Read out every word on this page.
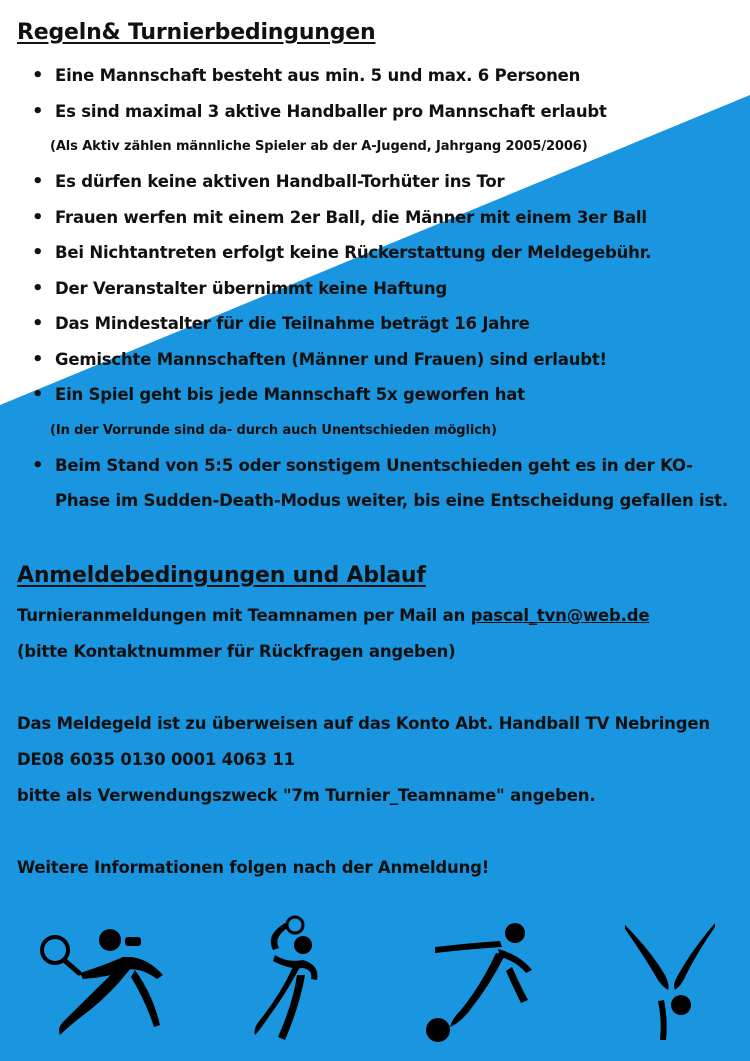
Regeln& Turnierbedingungen
• Eine Mannschaft besteht aus min. 5 und max. 6 Personen
• Es sind maximal 3 aktive Handballer pro Mannschaft erlaubt
(Als Aktiv zählen männliche Spieler ab der A-Jugend, Jahrgang 2005/2006)
• Es dürfen keine aktiven Handball-Torhüter ins Tor
• Frauen werfen mit einem 2er Ball, die Männer mit einem 3er Ball
• Bei Nichtantreten erfolgt keine Rückerstattung der Meldegebühr.
• Der Veranstalter übernimmt keine Haftung
• Das Mindestalter für die Teilnahme beträgt 16 Jahre
• Gemischte Mannschaften (Männer und Frauen) sind erlaubt!
• Ein Spiel geht bis jede Mannschaft 5x geworfen hat
(In der Vorrunde sind da- durch auch Unentschieden möglich)
• Beim Stand von 5:5 oder sonstigem Unentschieden geht es in der KO-Phase im Sudden-Death-Modus weiter, bis eine Entscheidung gefallen ist.
Anmeldebedingungen und Ablauf

Turnieranmeldungen mit Teamnamen per Mail an pascal_tvn@web.de

(bitte Kontaktnummer für Rückfragen angeben)

Das Meldegeld ist zu überweisen auf das Konto Abt. Handball TV Nebringen

DE08 6035 0130 0001 4063 11

bitte als Verwendungszweck "7m Turnier_Teamname" angeben.

Weitere Informationen folgen nach der Anmeldung!
